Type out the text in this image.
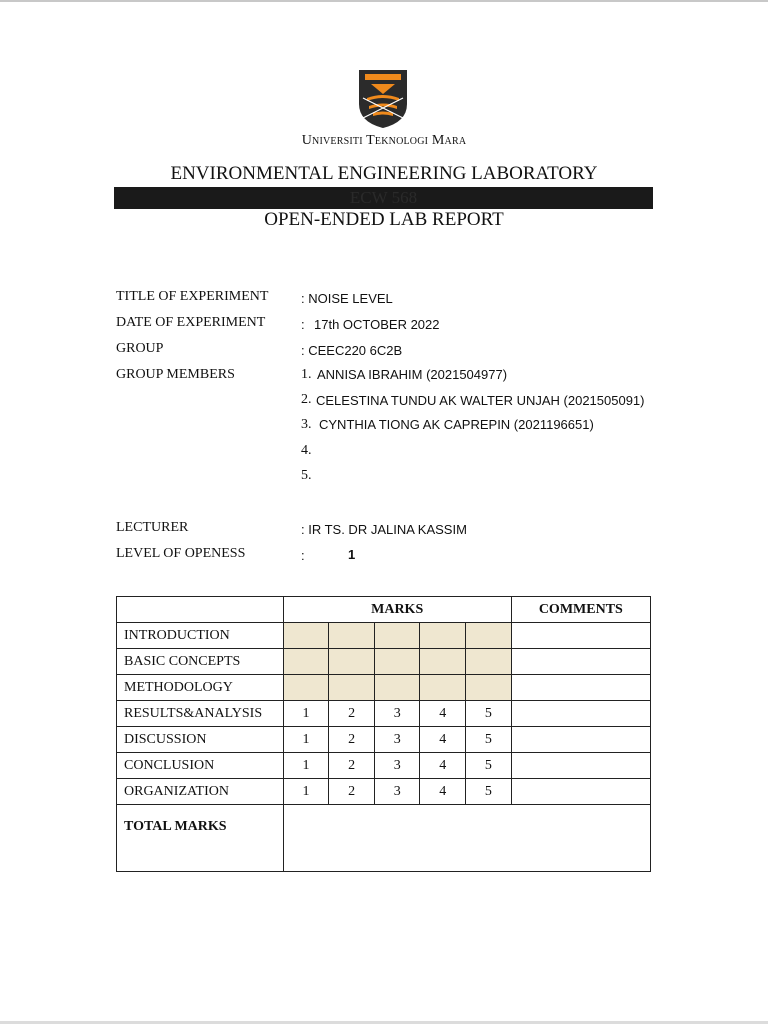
Universiti Teknologi Mara
ENVIRONMENTAL ENGINEERING LABORATORY
ECW 568
OPEN-ENDED LAB REPORT
TITLE OF EXPERIMENT	: NOISE LEVEL
DATE OF EXPERIMENT	: 17th OCTOBER 2022
GROUP	: CEEC220 6C2B
GROUP MEMBERS	1. ANNISA IBRAHIM (2021504977)
2. CELESTINA TUNDU AK WALTER UNJAH (2021505091)
3. CYNTHIA TIONG AK CAPREPIN (2021196651)
4.
5.
LECTURER	: IR TS. DR JALINA KASSIM
LEVEL OF OPENESS	:	1
	MARKS					COMMENTS
INTRODUCTION						
BASIC CONCEPTS						
METHODOLOGY						
RESULTS&ANALYSIS	1	2	3	4	5	
DISCUSSION	1	2	3	4	5	
CONCLUSION	1	2	3	4	5	
ORGANIZATION	1	2	3	4	5	
TOTAL MARKS						
